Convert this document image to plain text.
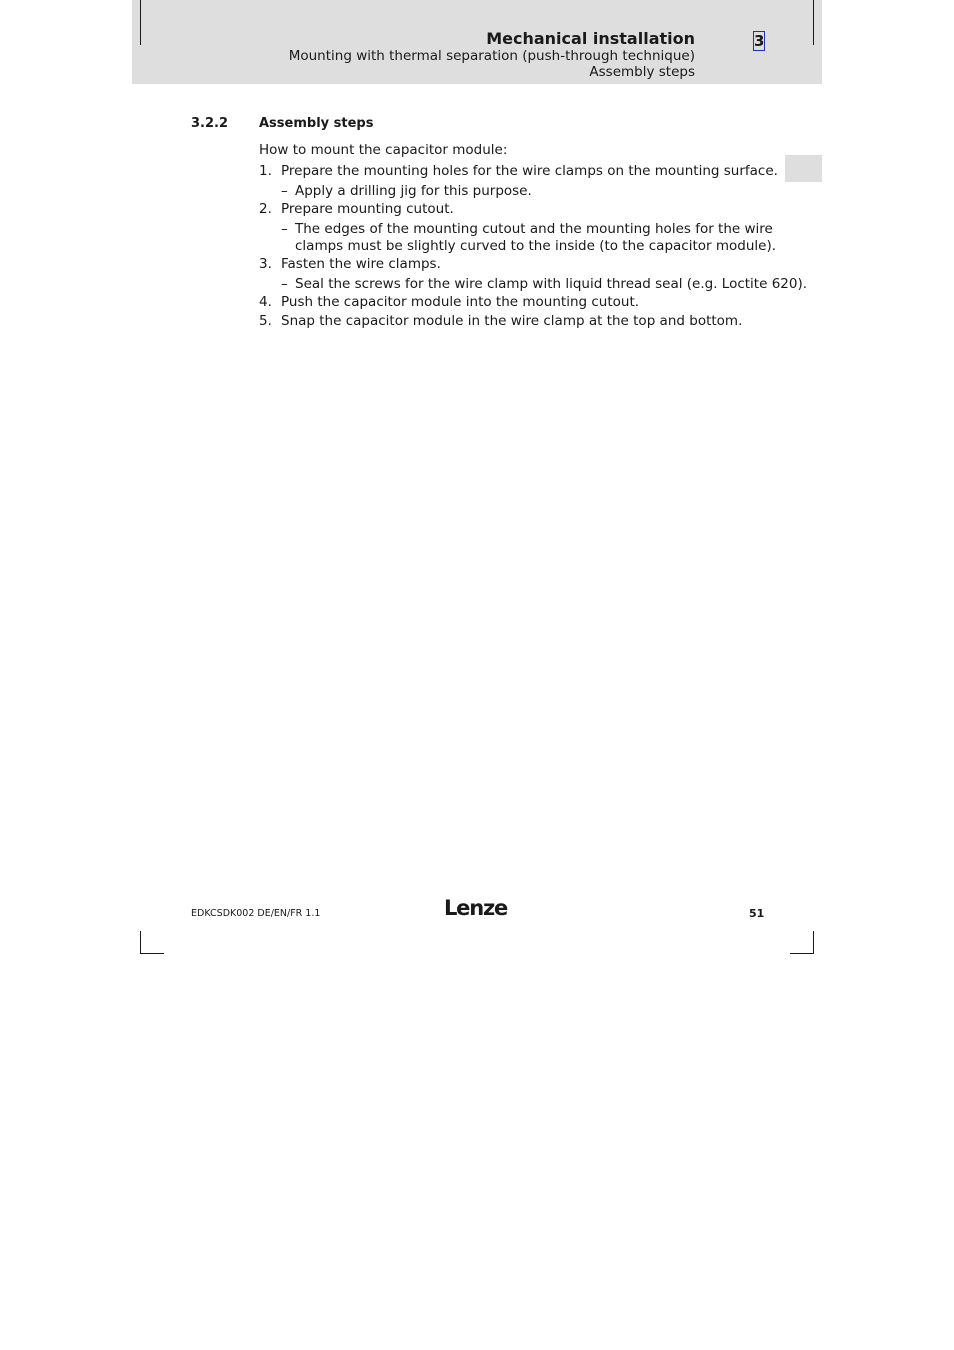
Mechanical installation
Mounting with thermal separation (push-through technique)
Assembly steps
3
3.2.2 Assembly steps
How to mount the capacitor module:
1. Prepare the mounting holes for the wire clamps on the mounting surface.
– Apply a drilling jig for this purpose.
2. Prepare mounting cutout.
– The edges of the mounting cutout and the mounting holes for the wire
clamps must be slightly curved to the inside (to the capacitor module).
3. Fasten the wire clamps.
– Seal the screws for the wire clamp with liquid thread seal (e.g. Loctite 620).
4. Push the capacitor module into the mounting cutout.
5. Snap the capacitor module in the wire clamp at the top and bottom.
EDKCSDK002 DE/EN/FR 1.1	Lenze	51
